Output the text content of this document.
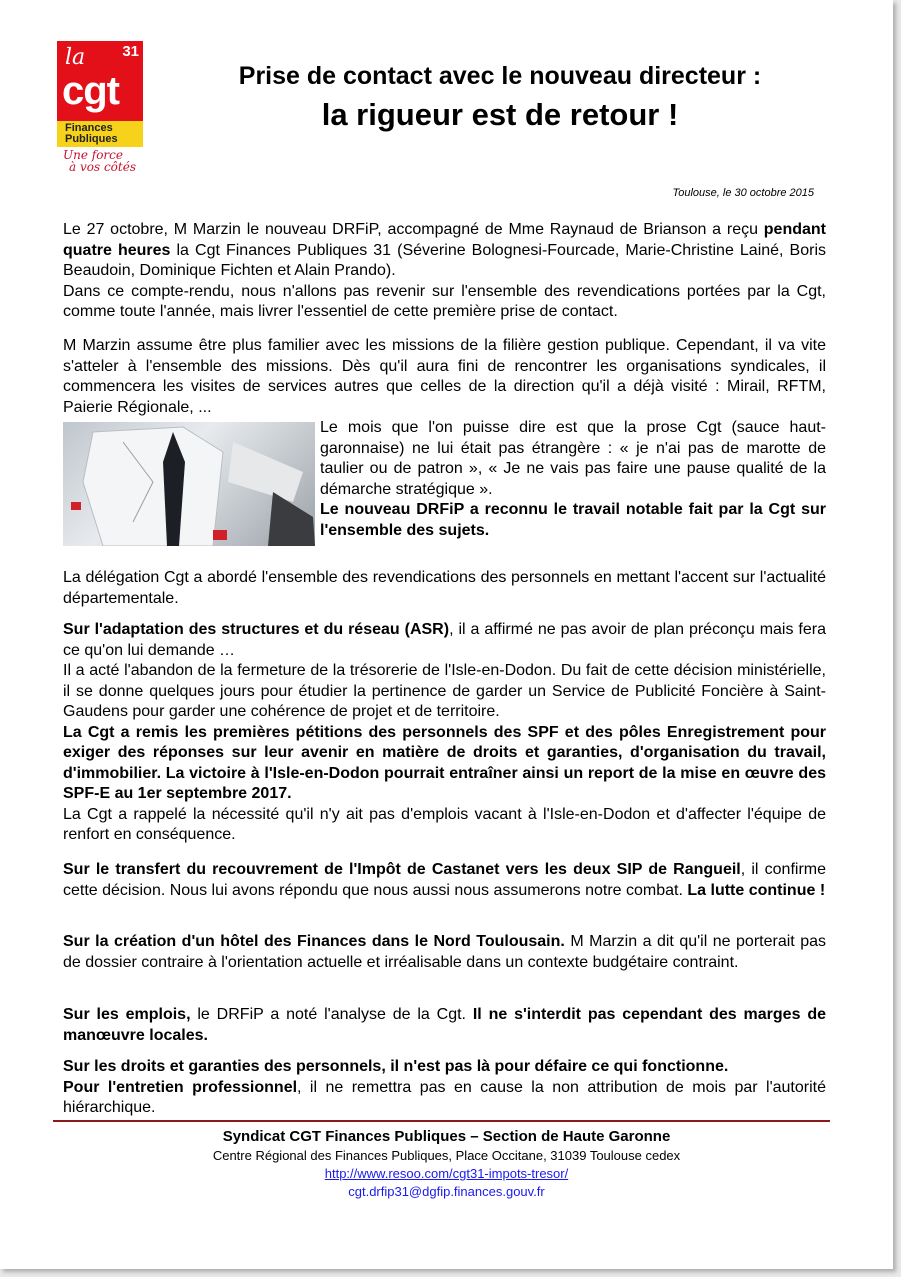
la 31
cgt
Finances
Publiques
Une force
à vos côtés
Prise de contact avec le nouveau directeur :
la rigueur est de retour !
Toulouse, le 30 octobre 2015

Le 27 octobre, M Marzin le nouveau DRFiP, accompagné de Mme Raynaud de Brianson a reçu pendant quatre heures la Cgt Finances Publiques 31 (Séverine Bolognesi-Fourcade, Marie-Christine Lainé, Boris Beaudoin, Dominique Fichten et Alain Prando).

Dans ce compte-rendu, nous n'allons pas revenir sur l'ensemble des revendications portées par la Cgt, comme toute l'année, mais livrer l'essentiel de cette première prise de contact.

M Marzin assume être plus familier avec les missions de la filière gestion publique. Cependant, il va vite s'atteler à l'ensemble des missions. Dès qu'il aura fini de rencontrer les organisations syndicales, il commencera les visites de services autres que celles de la direction qu'il a déjà visité : Mirail, RFTM, Paierie Régionale, ...

Le mois que l'on puisse dire est que la prose Cgt (sauce haut-garonnaise) ne lui était pas étrangère : « je n'ai pas de marotte de taulier ou de patron », « Je ne vais pas faire une pause qualité de la démarche stratégique ».

Le nouveau DRFiP a reconnu le travail notable fait par la Cgt sur l'ensemble des sujets.

La délégation Cgt a abordé l'ensemble des revendications des personnels en mettant l'accent sur l'actualité départementale.

Sur l'adaptation des structures et du réseau (ASR), il a affirmé ne pas avoir de plan préconçu mais fera ce qu'on lui demande …

Il a acté l'abandon de la fermeture de la trésorerie de l'Isle-en-Dodon. Du fait de cette décision ministérielle, il se donne quelques jours pour étudier la pertinence de garder un Service de Publicité Foncière à Saint-Gaudens pour garder une cohérence de projet et de territoire.

La Cgt a remis les premières pétitions des personnels des SPF et des pôles Enregistrement pour exiger des réponses sur leur avenir en matière de droits et garanties, d'organisation du travail, d'immobilier. La victoire à l'Isle-en-Dodon pourrait entraîner ainsi un report de la mise en œuvre des SPF-E au 1er septembre 2017.

La Cgt a rappelé la nécessité qu'il n'y ait pas d'emplois vacant à l'Isle-en-Dodon et d'affecter l'équipe de renfort en conséquence.

Sur le transfert du recouvrement de l'Impôt de Castanet vers les deux SIP de Rangueil, il confirme cette décision. Nous lui avons répondu que nous aussi nous assumerons notre combat. La lutte continue !
Sur la création d'un hôtel des Finances dans le Nord Toulousain. M Marzin a dit qu'il ne porterait pas de dossier contraire à l'orientation actuelle et irréalisable dans un contexte budgétaire contraint.
Sur les emplois, le DRFiP a noté l'analyse de la Cgt. Il ne s'interdit pas cependant des marges de manœuvre locales.

Sur les droits et garanties des personnels, il n'est pas là pour défaire ce qui fonctionne.

Pour l'entretien professionnel, il ne remettra pas en cause la non attribution de mois par l'autorité hiérarchique.

Syndicat CGT Finances Publiques – Section de Haute Garonne
Centre Régional des Finances Publiques, Place Occitane, 31039 Toulouse cedex
http://www.resoo.com/cgt31-impots-tresor/
cgt.drfip31@dgfip.finances.gouv.fr
